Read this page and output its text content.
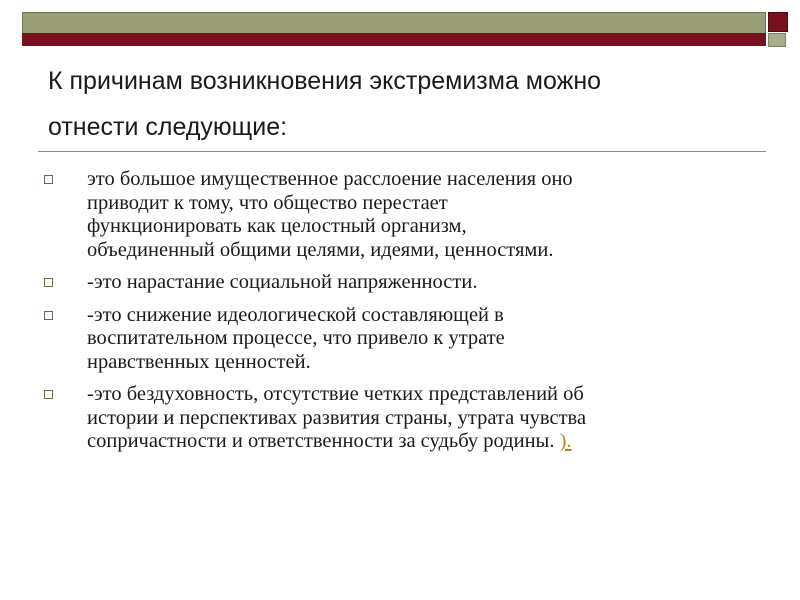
К причинам возникновения экстремизма можно
отнести следующие:
это большое имущественное расслоение населения оно
приводит к тому, что общество перестает
функционировать как целостный организм,
объединенный общими целями, идеями, ценностями.
-это нарастание социальной напряженности.
-это снижение идеологической составляющей в
воспитательном процессе, что привело к утрате
нравственных ценностей.
-это бездуховность, отсутствие четких представлений об
истории и перспективах развития страны, утрата чувства
сопричастности и ответственности за судьбу родины. ).
